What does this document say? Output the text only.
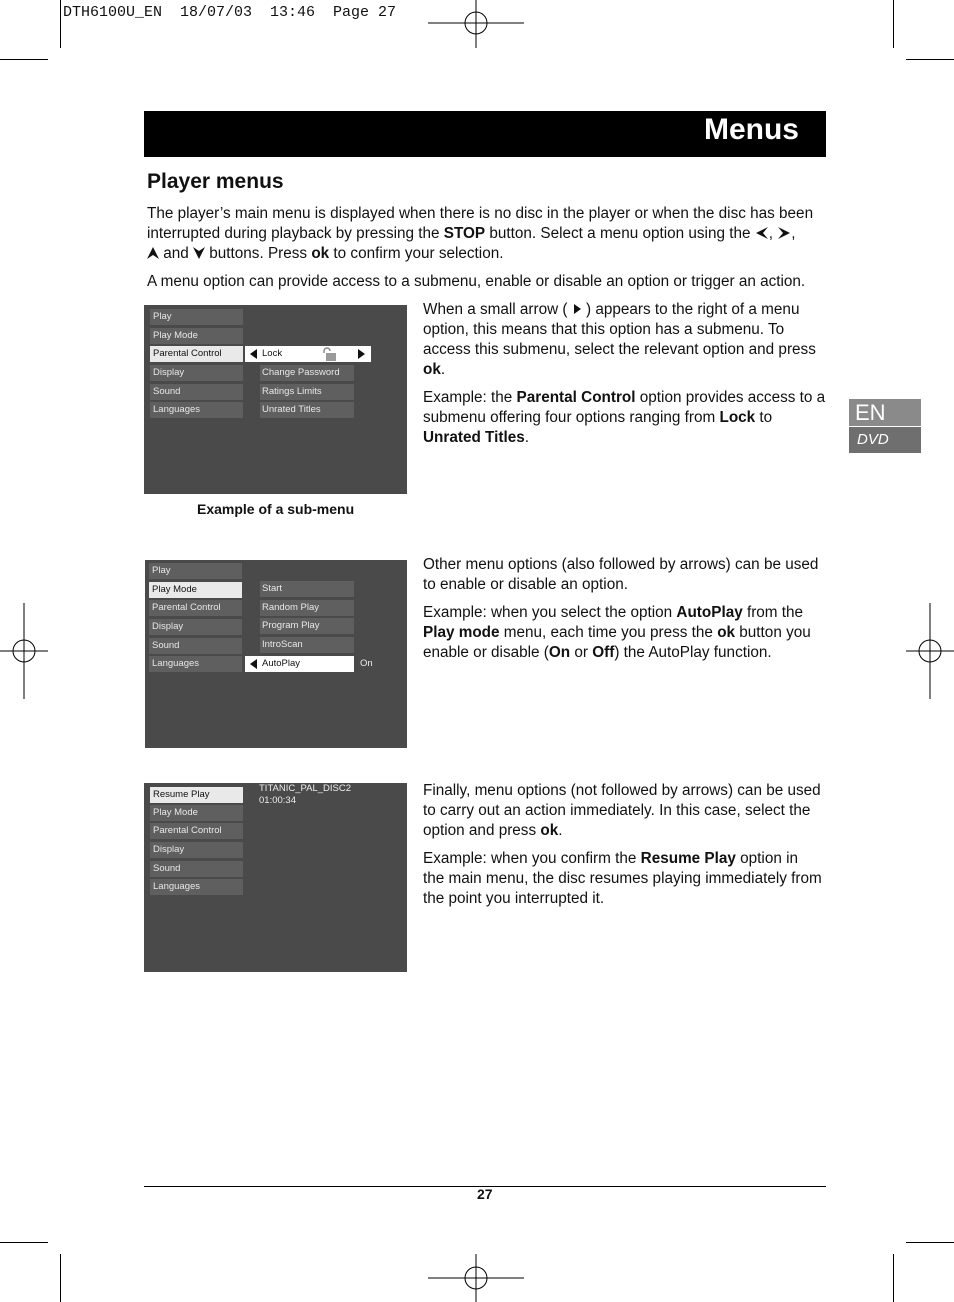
DTH6100U_EN  18/07/03  13:46  Page 27
Menus
Player menus
EN
DVD

The player’s main menu is displayed when there is no disc in the player or when the disc has been interrupted during playback by pressing the STOP button. Select a menu option using the , ,
and  buttons. Press ok to confirm your selection.

A menu option can provide access to a submenu, enable or disable an option or trigger an action.

Play
Play Mode
Parental Control
Display
Sound
Languages
Lock
Change Password
Ratings Limits
Unrated Titles
Example of a sub-menu

When a small arrow (  ) appears to the right of a menu option, this means that this option has a submenu. To access this submenu, select the relevant option and press ok.

Example: the Parental Control option provides access to a submenu offering four options ranging from Lock to Unrated Titles.

Play
Play Mode
Parental Control
Display
Sound
Languages
Start
Random Play
Program Play
IntroScan
AutoPlay	On

Other menu options (also followed by arrows) can be used to enable or disable an option.

Example: when you select the option AutoPlay from the Play mode menu, each time you press the ok button you enable or disable (On or Off) the AutoPlay function.

Resume Play
Play Mode
Parental Control
Display
Sound
Languages
TITANIC_PAL_DISC2
01:00:34

Finally, menu options (not followed by arrows) can be used to carry out an action immediately. In this case, select the option and press ok.

Example: when you confirm the Resume Play option in the main menu, the disc resumes playing immediately from the point you interrupted it.

27
